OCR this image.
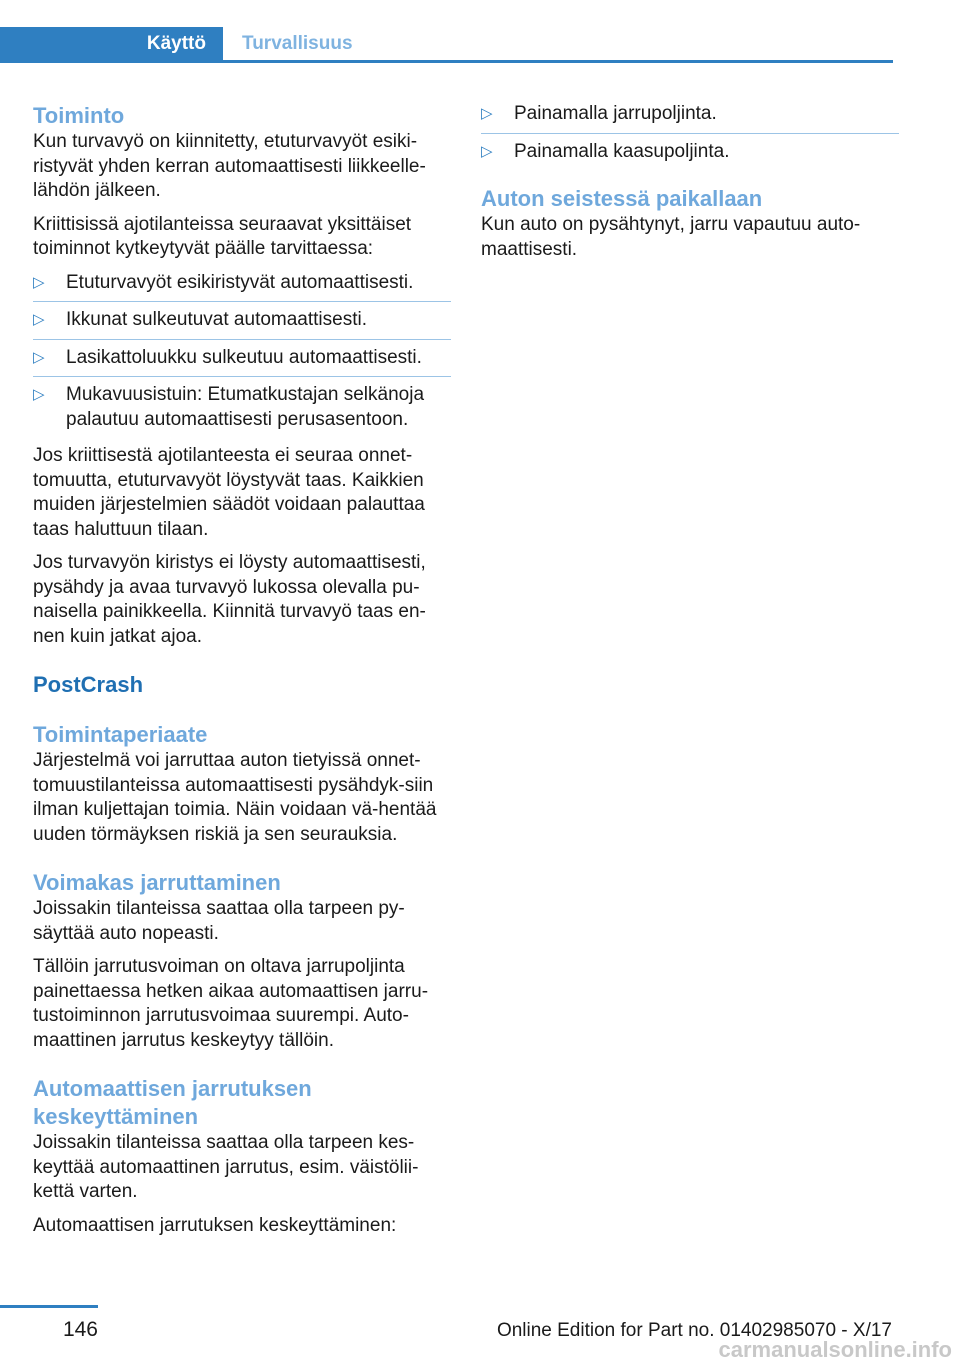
Käyttö Turvallisuus
Toiminto

Kun turvavyö on kiinnitetty, etuturvavyöt esiki‐ristyvät yhden kerran automaattisesti liikkeelle‐lähdön jälkeen.

Kriittisissä ajotilanteissa seuraavat yksittäiset toiminnot kytkeytyvät päälle tarvittaessa:

▷ Etuturvavyöt esikiristyvät automaattisesti.
▷ Ikkunat sulkeutuvat automaattisesti.
▷ Lasikattoluukku sulkeutuu automaattisesti.
▷ Mukavuusistuin: Etumatkustajan selkänoja palautuu automaattisesti perusasentoon.

Jos kriittisestä ajotilanteesta ei seuraa onnet‐tomuutta, etuturvavyöt löystyvät taas. Kaikkien muiden järjestelmien säädöt voidaan palauttaa taas haluttuun tilaan.

Jos turvavyön kiristys ei löysty automaattisesti, pysähdy ja avaa turvavyö lukossa olevalla pu‐naisella painikkeella. Kiinnitä turvavyö taas en‐nen kuin jatkat ajoa.

PostCrash
Toimintaperiaate

Järjestelmä voi jarruttaa auton tietyissä onnet‐tomuustilanteissa automaattisesti pysähdyk‐siin ilman kuljettajan toimia. Näin voidaan vä‐hentää uuden törmäyksen riskiä ja sen seurauksia.

Voimakas jarruttaminen

Joissakin tilanteissa saattaa olla tarpeen py‐säyttää auto nopeasti.

Tällöin jarrutusvoiman on oltava jarrupoljinta painettaessa hetken aikaa automaattisen jarru‐tustoiminnon jarrutusvoimaa suurempi. Auto‐maattinen jarrutus keskeytyy tällöin.

Automaattisen jarrutuksen keskeyttäminen

Joissakin tilanteissa saattaa olla tarpeen kes‐keyttää automaattinen jarrutus, esim. väistölii‐kettä varten.

Automaattisen jarrutuksen keskeyttäminen:

▷ Painamalla jarrupoljinta.
▷ Painamalla kaasupoljinta.
Auton seistessä paikallaan

Kun auto on pysähtynyt, jarru vapautuu auto‐maattisesti.

146	Online Edition for Part no. 01402985070 - X/17
carmanualsonline.info
